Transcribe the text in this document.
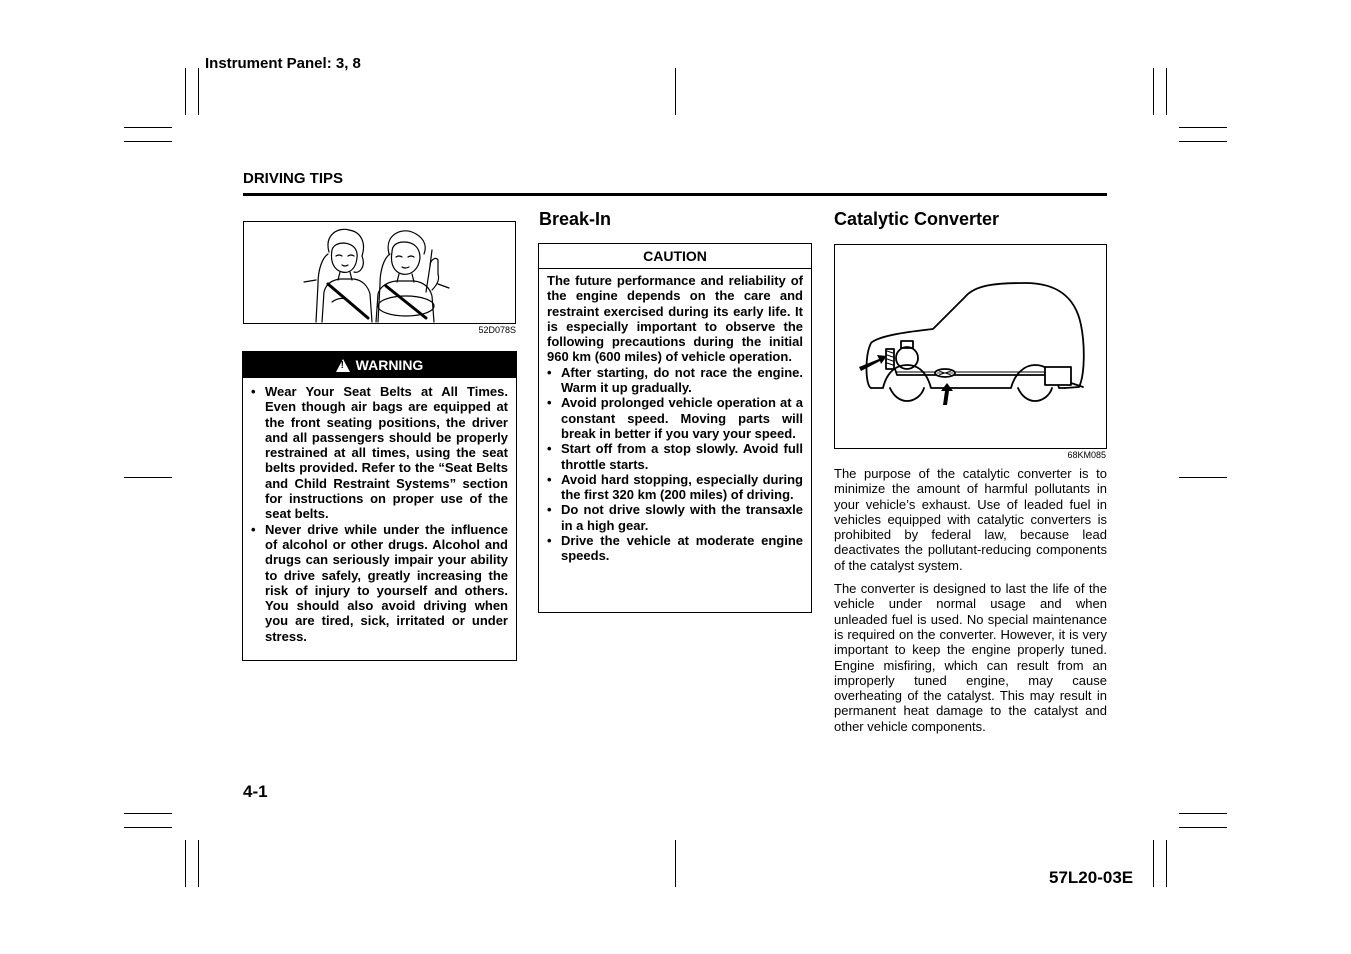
Instrument Panel: 3, 8
DRIVING TIPS
52D078S
! WARNING
• Wear Your Seat Belts at All Times. Even though air bags are equipped at the front seating positions, the driver and all passengers should be properly restrained at all times, using the seat belts provided. Refer to the “Seat Belts and Child Restraint Systems” section for instructions on proper use of the seat belts.
• Never drive while under the influence of alcohol or other drugs. Alcohol and drugs can seriously impair your ability to drive safely, greatly increasing the risk of injury to yourself and others. You should also avoid driving when you are tired, sick, irritated or under stress.
Break-In
CAUTION

The future performance and reliability of the engine depends on the care and restraint exercised during its early life. It is especially important to observe the following precautions during the initial 960 km (600 miles) of vehicle operation.

• After starting, do not race the engine. Warm it up gradually.
• Avoid prolonged vehicle operation at a constant speed. Moving parts will break in better if you vary your speed.
• Start off from a stop slowly. Avoid full throttle starts.
• Avoid hard stopping, especially during the first 320 km (200 miles) of driving.
• Do not drive slowly with the transaxle in a high gear.
• Drive the vehicle at moderate engine speeds.
Catalytic Converter
68KM085

The purpose of the catalytic converter is to minimize the amount of harmful pollutants in your vehicle’s exhaust. Use of leaded fuel in vehicles equipped with catalytic converters is prohibited by federal law, because lead deactivates the pollutant-reducing components of the catalyst system.

The converter is designed to last the life of the vehicle under normal usage and when unleaded fuel is used. No special maintenance is required on the converter. However, it is very important to keep the engine properly tuned. Engine misfiring, which can result from an improperly tuned engine, may cause overheating of the catalyst. This may result in permanent heat damage to the catalyst and other vehicle components.

4-1
57L20-03E
